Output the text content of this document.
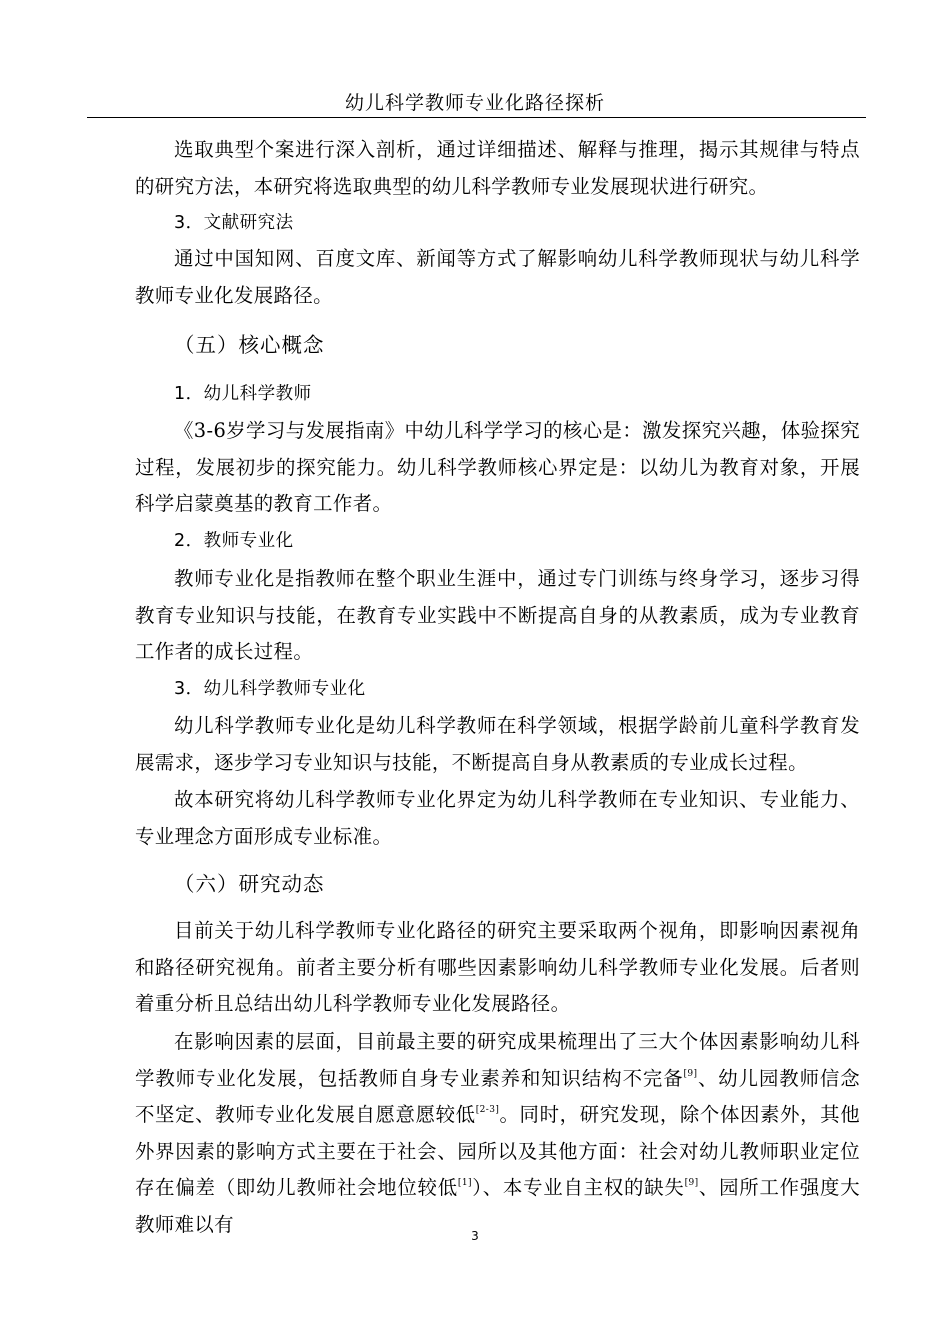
幼儿科学教师专业化路径探析

选取典型个案进行深入剖析，通过详细描述、解释与推理，揭示其规律与特点的研究方法，本研究将选取典型的幼儿科学教师专业发展现状进行研究。

3．文献研究法

通过中国知网、百度文库、新闻等方式了解影响幼儿科学教师现状与幼儿科学教师专业化发展路径。

（五）核心概念
1．幼儿科学教师

《3-6岁学习与发展指南》中幼儿科学学习的核心是：激发探究兴趣，体验探究过程，发展初步的探究能力。幼儿科学教师核心界定是：以幼儿为教育对象，开展科学启蒙奠基的教育工作者。

2．教师专业化

教师专业化是指教师在整个职业生涯中，通过专门训练与终身学习，逐步习得教育专业知识与技能，在教育专业实践中不断提高自身的从教素质，成为专业教育工作者的成长过程。

3．幼儿科学教师专业化

幼儿科学教师专业化是幼儿科学教师在科学领域，根据学龄前儿童科学教育发展需求，逐步学习专业知识与技能，不断提高自身从教素质的专业成长过程。

故本研究将幼儿科学教师专业化界定为幼儿科学教师在专业知识、专业能力、专业理念方面形成专业标准。

（六）研究动态

目前关于幼儿科学教师专业化路径的研究主要采取两个视角，即影响因素视角和路径研究视角。前者主要分析有哪些因素影响幼儿科学教师专业化发展。后者则着重分析且总结出幼儿科学教师专业化发展路径。

在影响因素的层面，目前最主要的研究成果梳理出了三大个体因素影响幼儿科学教师专业化发展，包括教师自身专业素养和知识结构不完备[9]、幼儿园教师信念不坚定、教师专业化发展自愿意愿较低[2-3]。同时，研究发现，除个体因素外，其他外界因素的影响方式主要在于社会、园所以及其他方面：社会对幼儿教师职业定位存在偏差（即幼儿教师社会地位较低[1]）、本专业自主权的缺失[9]、园所工作强度大教师难以有

3
